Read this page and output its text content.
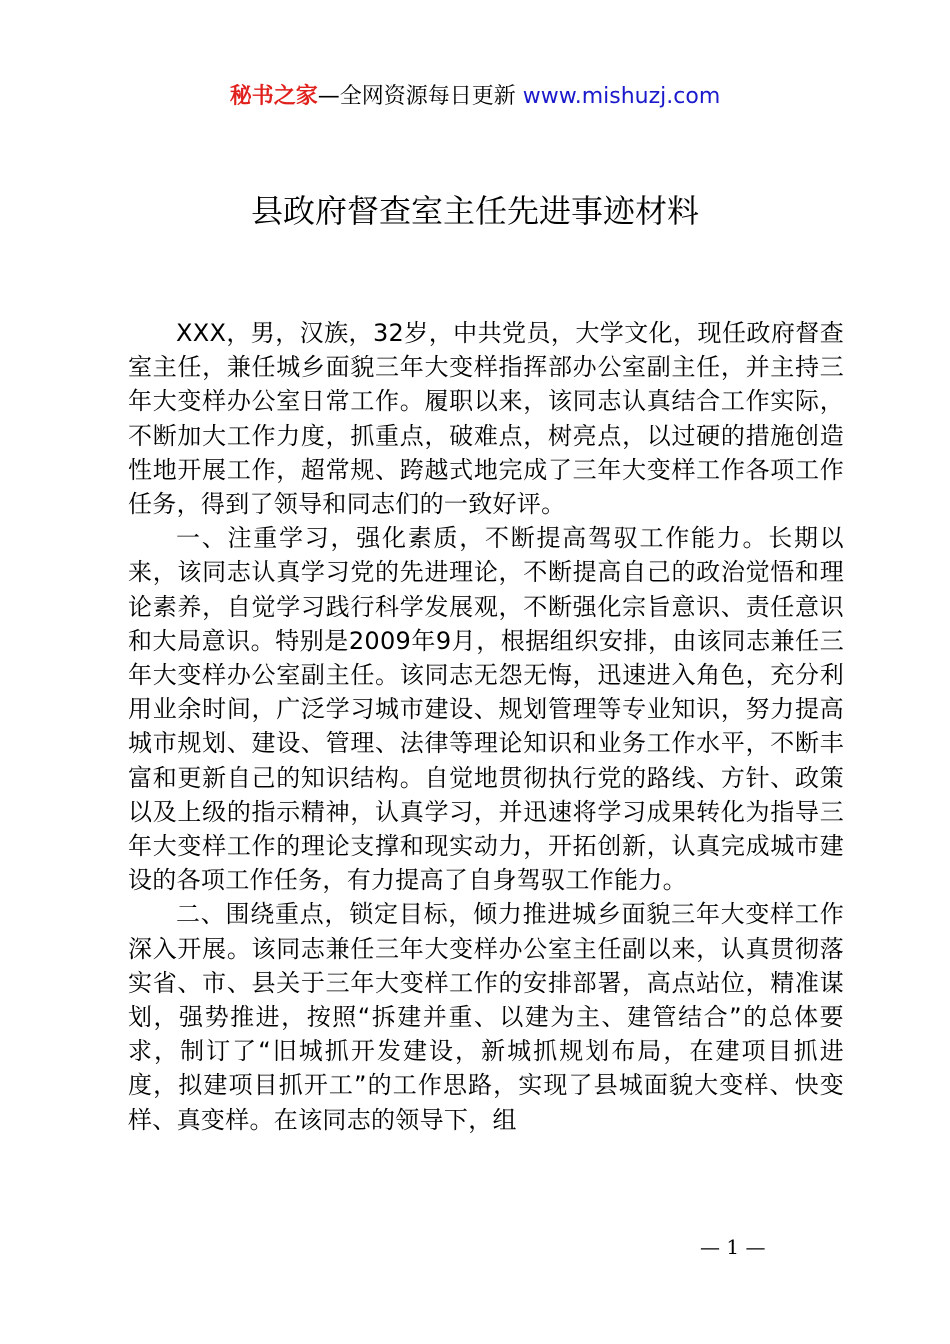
秘书之家—全网资源每日更新 www.mishuzj.com
县政府督查室主任先进事迹材料

XXX，男，汉族，32岁，中共党员，大学文化，现任政府督查室主任，兼任城乡面貌三年大变样指挥部办公室副主任，并主持三年大变样办公室日常工作。履职以来，该同志认真结合工作实际，不断加大工作力度，抓重点，破难点，树亮点，以过硬的措施创造性地开展工作，超常规、跨越式地完成了三年大变样工作各项工作任务，得到了领导和同志们的一致好评。

一、注重学习，强化素质，不断提高驾驭工作能力。长期以来，该同志认真学习党的先进理论，不断提高自己的政治觉悟和理论素养，自觉学习践行科学发展观，不断强化宗旨意识、责任意识和大局意识。特别是2009年9月，根据组织安排，由该同志兼任三年大变样办公室副主任。该同志无怨无悔，迅速进入角色，充分利用业余时间，广泛学习城市建设、规划管理等专业知识，努力提高城市规划、建设、管理、法律等理论知识和业务工作水平，不断丰富和更新自己的知识结构。自觉地贯彻执行党的路线、方针、政策以及上级的指示精神，认真学习，并迅速将学习成果转化为指导三年大变样工作的理论支撑和现实动力，开拓创新，认真完成城市建设的各项工作任务，有力提高了自身驾驭工作能力。

二、围绕重点，锁定目标，倾力推进城乡面貌三年大变样工作深入开展。该同志兼任三年大变样办公室主任副以来，认真贯彻落实省、市、县关于三年大变样工作的安排部署，高点站位，精准谋划，强势推进，按照“拆建并重、以建为主、建管结合”的总体要求，制订了“旧城抓开发建设，新城抓规划布局，在建项目抓进度，拟建项目抓开工”的工作思路，实现了县城面貌大变样、快变样、真变样。在该同志的领导下，组

— 1 —
